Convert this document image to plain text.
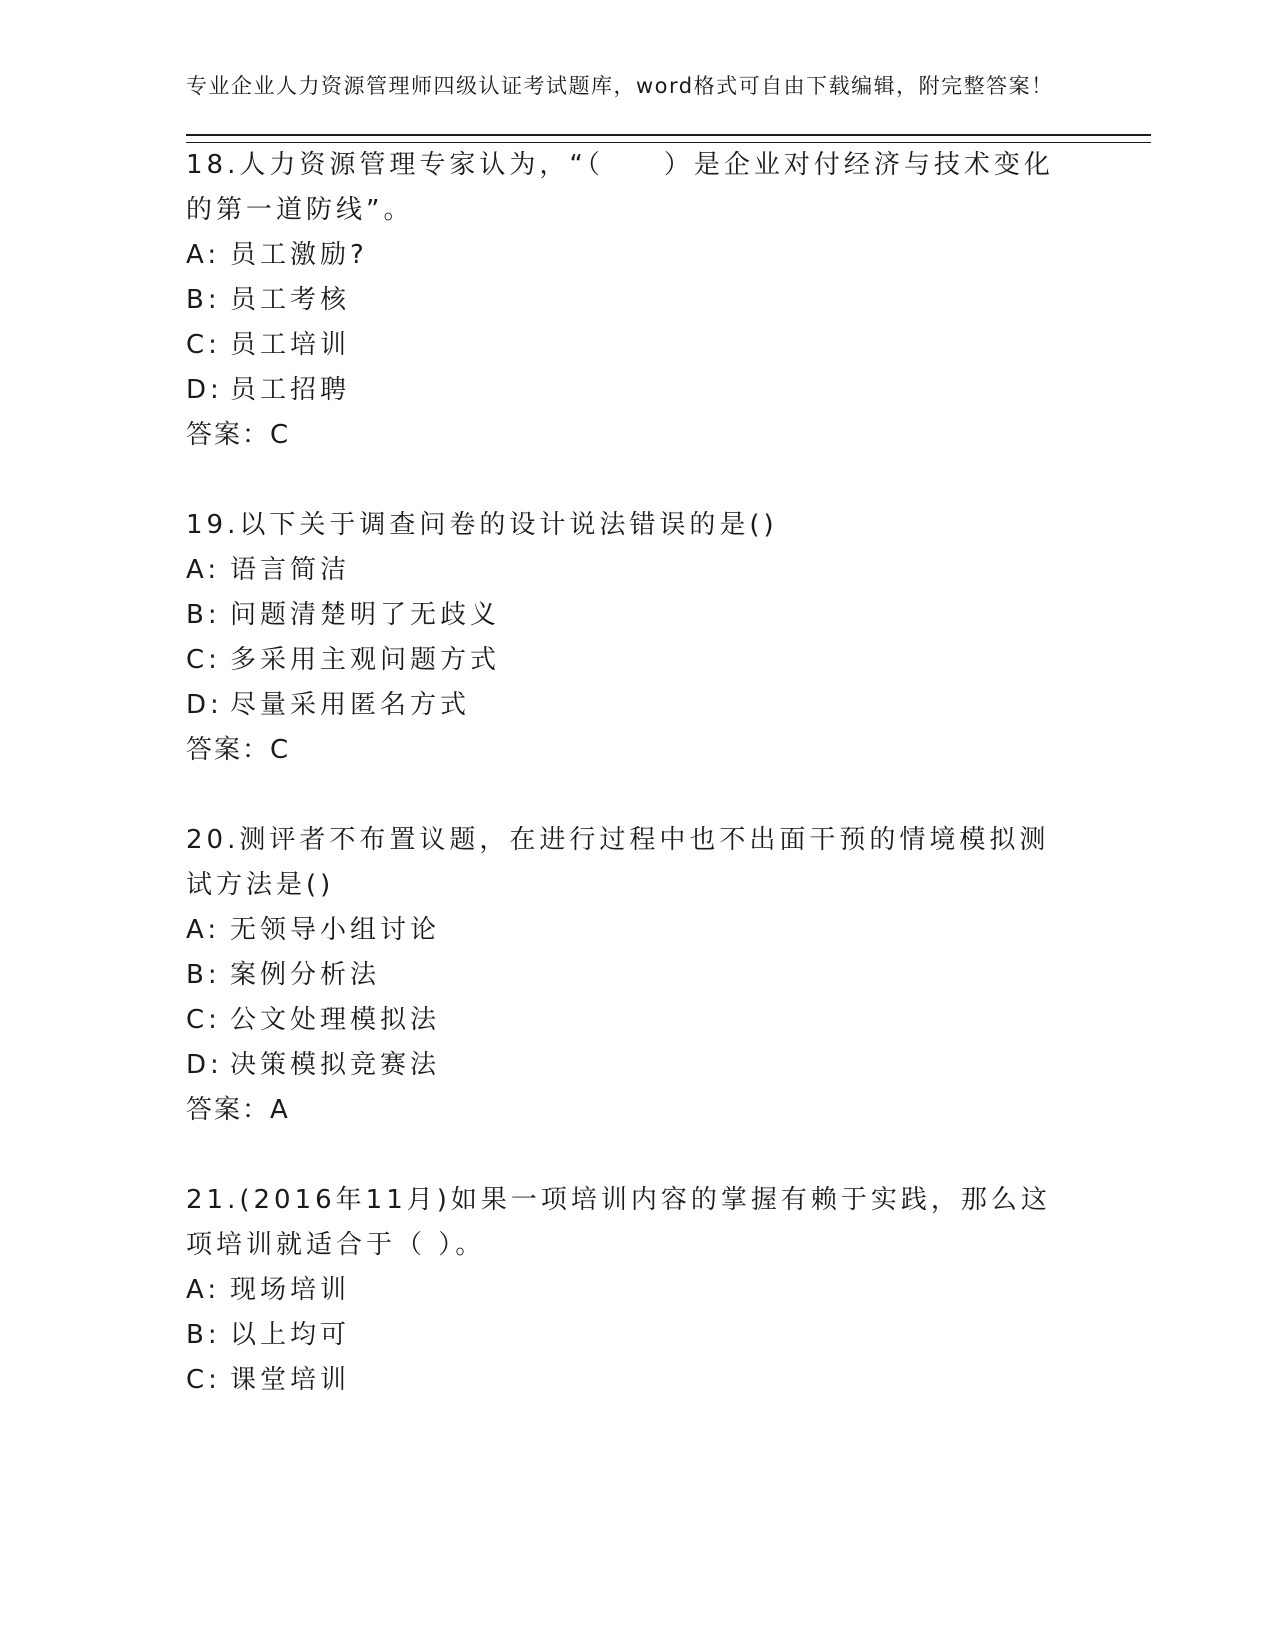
专业企业人力资源管理师四级认证考试题库，word格式可自由下载编辑，附完整答案！

18.人力资源管理专家认为，“（　　）是企业对付经济与技术变化的第一道防线”。

A: 员工激励?

B: 员工考核

C: 员工培训

D: 员工招聘

答案：C

19.以下关于调查问卷的设计说法错误的是()

A: 语言简洁

B: 问题清楚明了无歧义

C: 多采用主观问题方式

D: 尽量采用匿名方式

答案：C

20.测评者不布置议题，在进行过程中也不出面干预的情境模拟测试方法是()

A: 无领导小组讨论

B: 案例分析法

C: 公文处理模拟法

D: 决策模拟竞赛法

答案：A

21.(2016年11月)如果一项培训内容的掌握有赖于实践，那么这项培训就适合于（ ）。

A: 现场培训

B: 以上均可

C: 课堂培训
